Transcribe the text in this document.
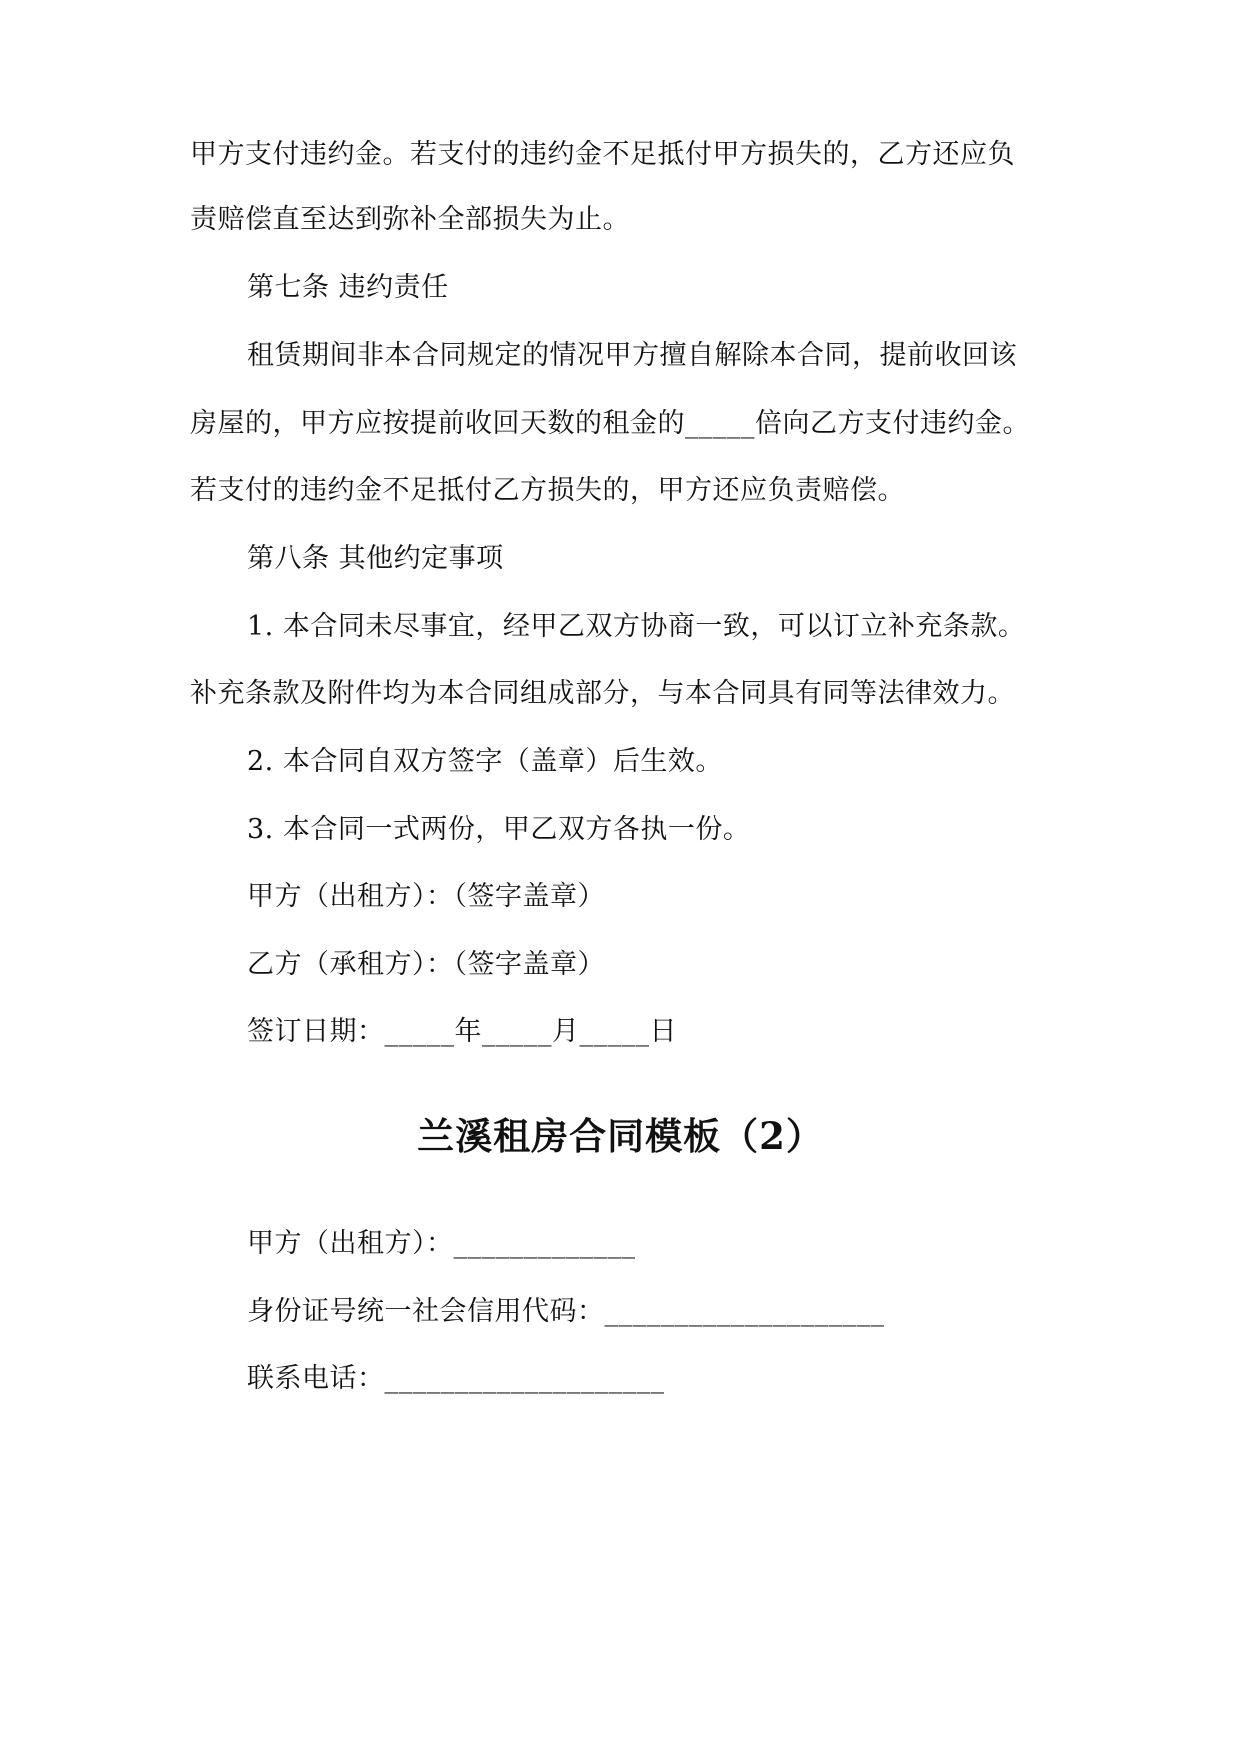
甲方支付违约金。若支付的违约金不足抵付甲方损失的，乙方还应负
责赔偿直至达到弥补全部损失为止。
第七条 违约责任
租赁期间非本合同规定的情况甲方擅自解除本合同，提前收回该
房屋的，甲方应按提前收回天数的租金的_____倍向乙方支付违约金。
若支付的违约金不足抵付乙方损失的，甲方还应负责赔偿。
第八条 其他约定事项
1. 本合同未尽事宜，经甲乙双方协商一致，可以订立补充条款。
补充条款及附件均为本合同组成部分，与本合同具有同等法律效力。
2. 本合同自双方签字（盖章）后生效。
3. 本合同一式两份，甲乙双方各执一份。
甲方（出租方）：（签字盖章）
乙方（承租方）：（签字盖章）
签订日期：_____年_____月_____日
兰溪租房合同模板（2）
甲方（出租方）：_____________
身份证号统一社会信用代码：____________________
联系电话：____________________
